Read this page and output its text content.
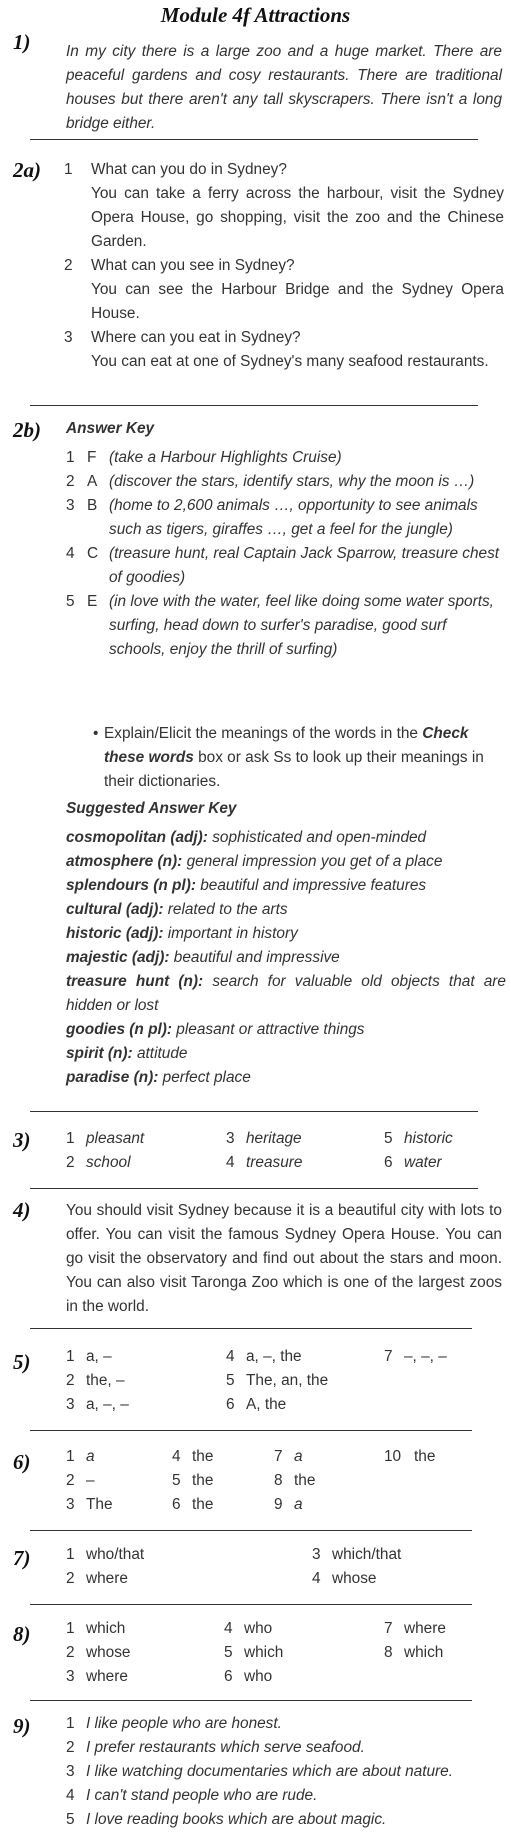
Module 4f Attractions
1) In my city there is a large zoo and a huge market. There are peaceful gardens and cosy restaurants. There are traditional houses but there aren't any tall skyscrapers. There isn't a long bridge either.
2a) 1	What can you do in Sydney?
You can take a ferry across the harbour, visit the Sydney Opera House, go shopping, visit the zoo and the Chinese Garden.
2	What can you see in Sydney?
You can see the Harbour Bridge and the Sydney Opera House.
3	Where can you eat in Sydney?
You can eat at one of Sydney's many seafood restaurants.
2b) Answer Key
1 F (take a Harbour Highlights Cruise)
2 A (discover the stars, identify stars, why the moon is …)
3 B (home to 2,600 animals …, opportunity to see animals such as tigers, giraffes …, get a feel for the jungle)
4 C (treasure hunt, real Captain Jack Sparrow, treasure chest of goodies)
5 E (in love with the water, feel like doing some water sports, surfing, head down to surfer's paradise, good surf schools, enjoy the thrill of surfing)
• Explain/Elicit the meanings of the words in the Check these words box or ask Ss to look up their meanings in their dictionaries.
Suggested Answer Key
cosmopolitan (adj): sophisticated and open-minded
atmosphere (n): general impression you get of a place
splendours (n pl): beautiful and impressive features
cultural (adj): related to the arts
historic (adj): important in history
majestic (adj): beautiful and impressive
treasure hunt (n): search for valuable old objects that are hidden or lost
goodies (n pl): pleasant or attractive things
spirit (n): attitude
paradise (n): perfect place
3) 1 pleasant
2 school
3 heritage
4 treasure
5 historic
6 water
4) You should visit Sydney because it is a beautiful city with lots to offer. You can visit the famous Sydney Opera House. You can go visit the observatory and find out about the stars and moon. You can also visit Taronga Zoo which is one of the largest zoos in the world.
5) 1 a, –
2 the, –
3 a, –, –
4 a, –, the
5 The, an, the
6 A, the
7 –, –, –
6) 1 a
2 –
3 The
4 the
5 the
6 the
7 a
8 the
9 a
10 the
7) 1 who/that
2 where
3 which/that
4 whose
8) 1 which
2 whose
3 where
4 who
5 which
6 who
7 where
8 which
9) 1 I like people who are honest.
2 I prefer restaurants which serve seafood.
3 I like watching documentaries which are about nature.
4 I can't stand people who are rude.
5 I love reading books which are about magic.
